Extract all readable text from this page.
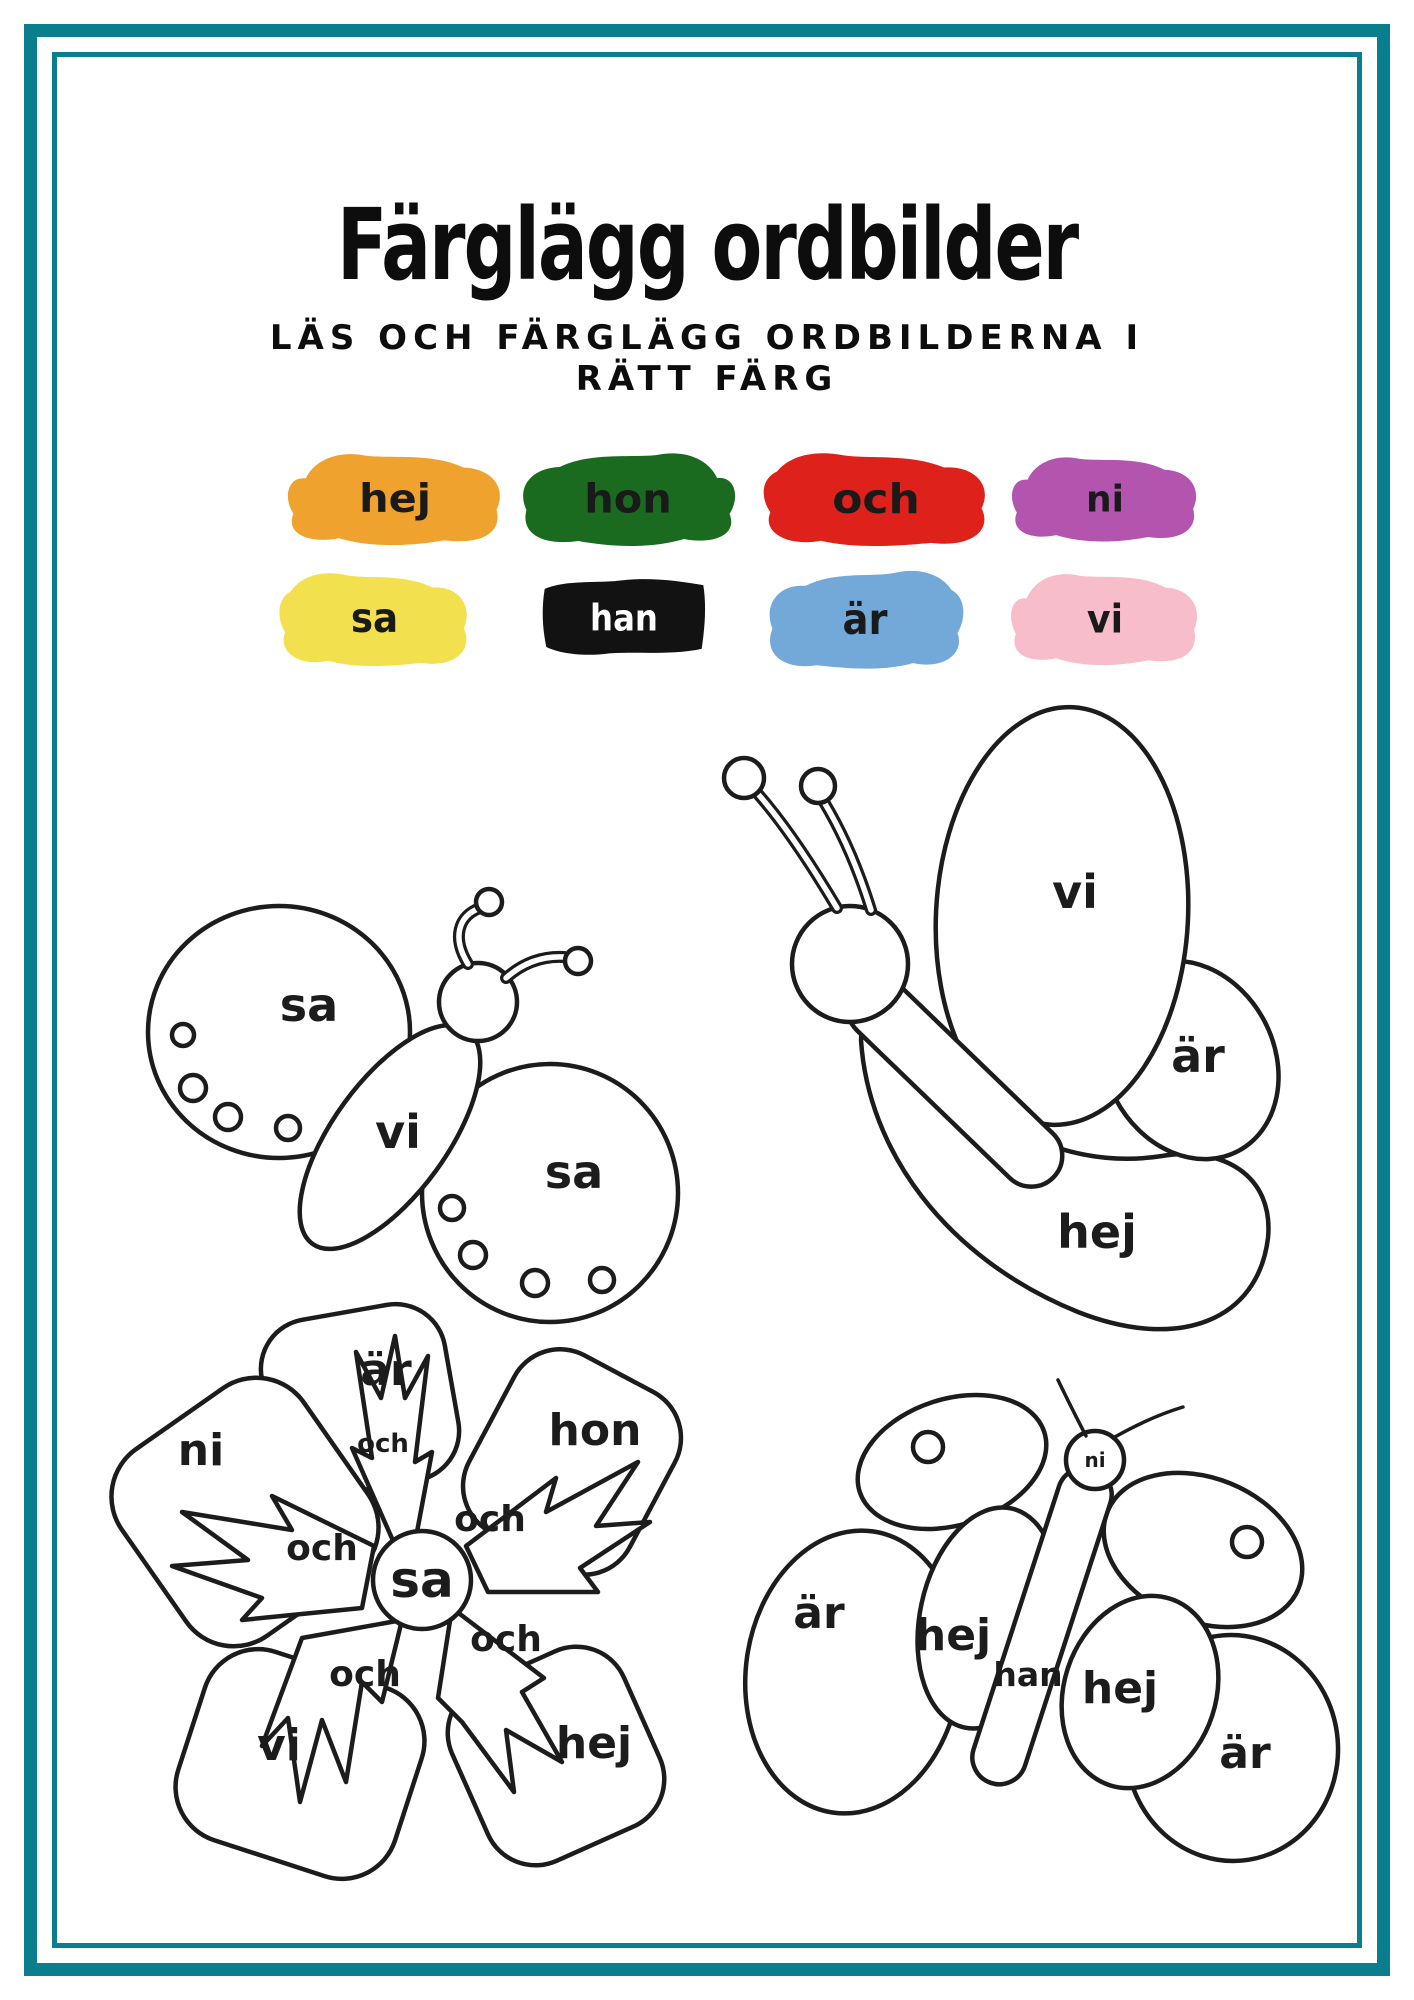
Färglägg ordbilder
LÄS OCH FÄRGLÄGG ORDBILDERNA I
RÄTT FÄRG
hej	hon	och	ni
sa	han	är	vi
sa
vi
sa
vi
är
hej
är
ni	hon
vi	hej
och
och
och
och
och
sa
är hej
han hej
är
ni
